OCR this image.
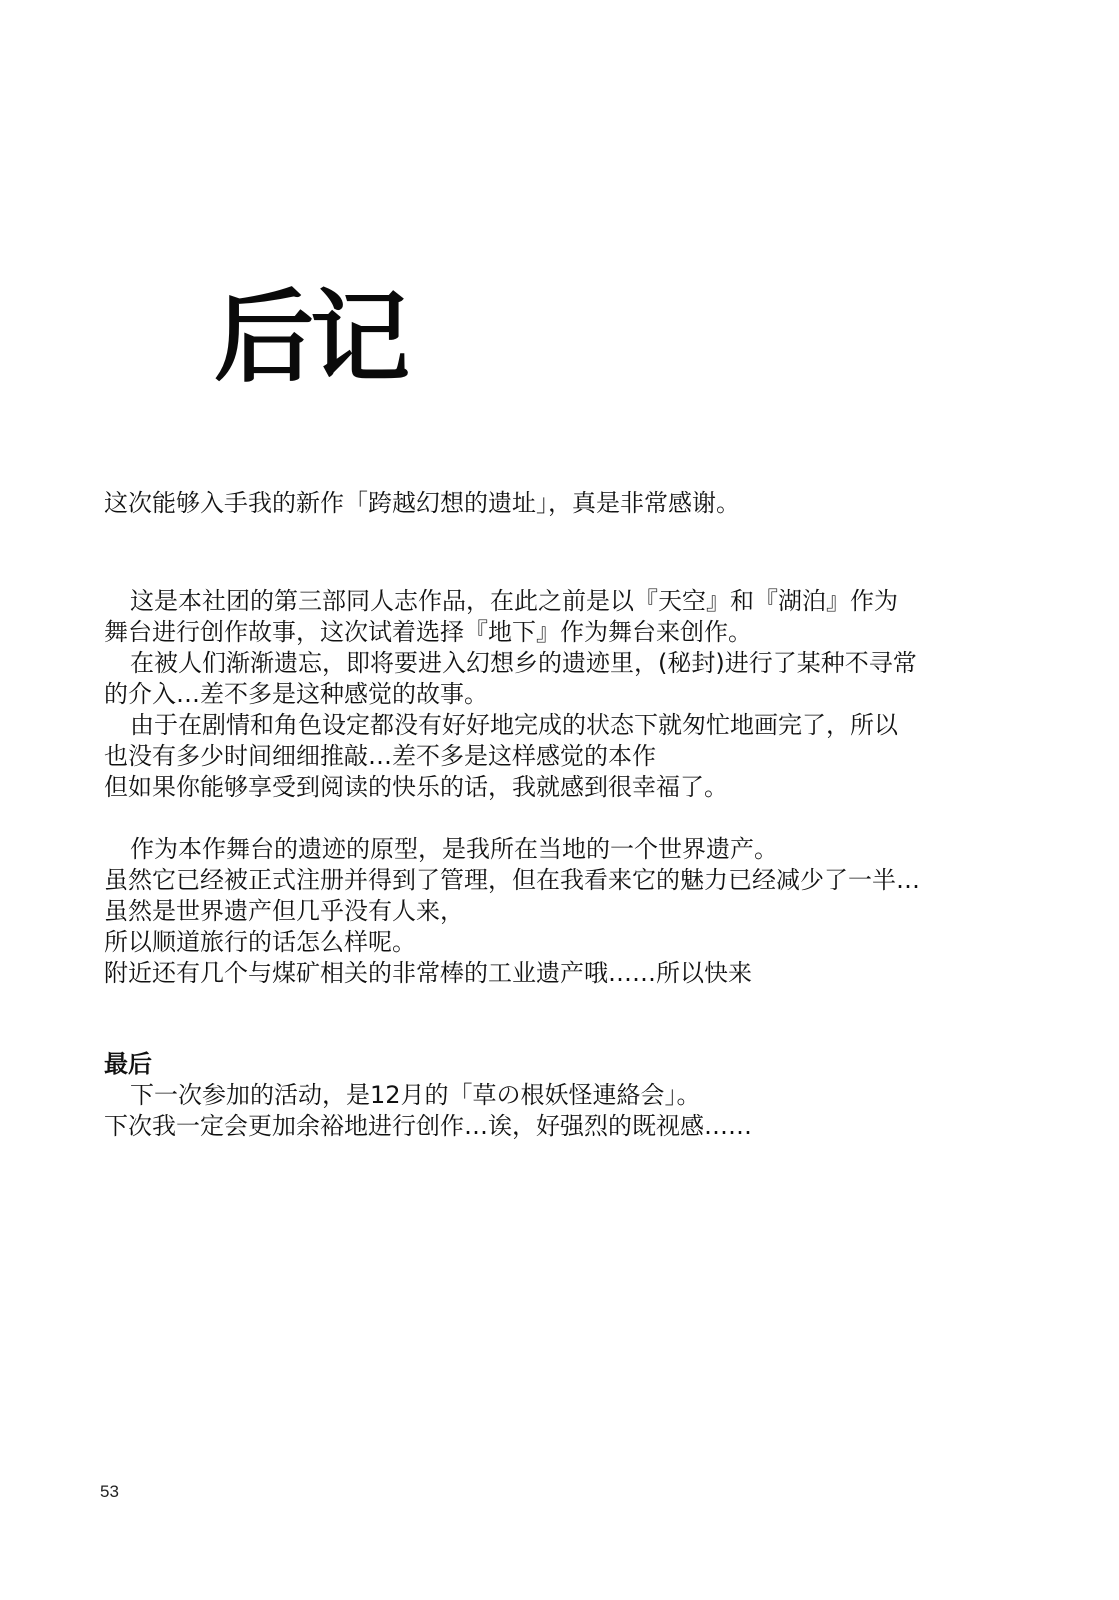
后记
这次能够入手我的新作「跨越幻想的遗址」，真是非常感谢。
这是本社团的第三部同人志作品，在此之前是以『天空』和『湖泊』作为
舞台进行创作故事，这次试着选择『地下』作为舞台来创作。
在被人们渐渐遗忘，即将要进入幻想乡的遗迹里，(秘封)进行了某种不寻常
的介入…差不多是这种感觉的故事。
由于在剧情和角色设定都没有好好地完成的状态下就匆忙地画完了，所以
也没有多少时间细细推敲…差不多是这样感觉的本作
但如果你能够享受到阅读的快乐的话，我就感到很幸福了。
作为本作舞台的遗迹的原型，是我所在当地的一个世界遗产。
虽然它已经被正式注册并得到了管理，但在我看来它的魅力已经减少了一半…
虽然是世界遗产但几乎没有人来，
所以顺道旅行的话怎么样呢。
附近还有几个与煤矿相关的非常棒的工业遗产哦……所以快来
最后
下一次参加的活动，是12月的「草の根妖怪連絡会」。
下次我一定会更加余裕地进行创作…诶，好强烈的既视感……
53
